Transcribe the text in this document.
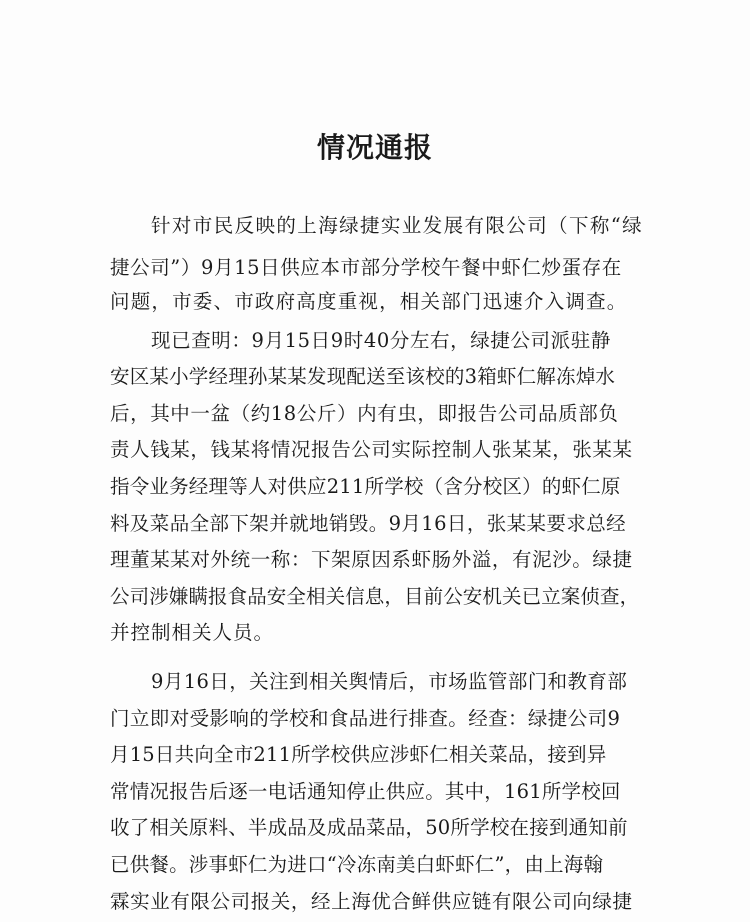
情况通报
针对市民反映的上海绿捷实业发展有限公司（下称“绿
捷公司”）9月15日供应本市部分学校午餐中虾仁炒蛋存在
问题，市委、市政府高度重视，相关部门迅速介入调查。
现已查明：9月15日9时40分左右，绿捷公司派驻静
安区某小学经理孙某某发现配送至该校的3箱虾仁解冻焯水
后，其中一盆（约18公斤）内有虫，即报告公司品质部负
责人钱某，钱某将情况报告公司实际控制人张某某，张某某
指令业务经理等人对供应211所学校（含分校区）的虾仁原
料及菜品全部下架并就地销毁。9月16日，张某某要求总经
理董某某对外统一称：下架原因系虾肠外溢，有泥沙。绿捷
公司涉嫌瞒报食品安全相关信息，目前公安机关已立案侦查，
并控制相关人员。
9月16日，关注到相关舆情后，市场监管部门和教育部
门立即对受影响的学校和食品进行排查。经查：绿捷公司9
月15日共向全市211所学校供应涉虾仁相关菜品，接到异
常情况报告后逐一电话通知停止供应。其中，161所学校回
收了相关原料、半成品及成品菜品，50所学校在接到通知前
已供餐。涉事虾仁为进口“冷冻南美白虾虾仁”，由上海翰
霖实业有限公司报关，经上海优合鲜供应链有限公司向绿捷
